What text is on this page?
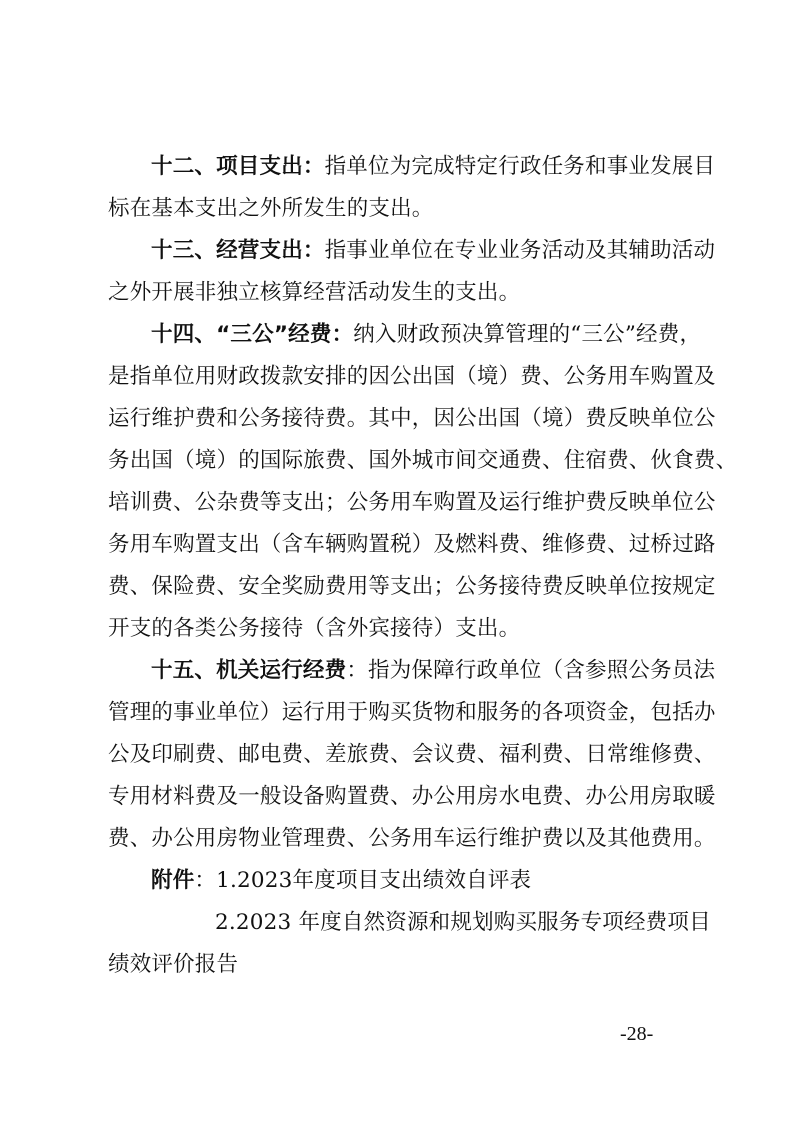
十二、项目支出：指单位为完成特定行政任务和事业发展目
标在基本支出之外所发生的支出。
十三、经营支出：指事业单位在专业业务活动及其辅助活动
之外开展非独立核算经营活动发生的支出。
十四、“三公”经费：纳入财政预决算管理的“三公”经费，
是指单位用财政拨款安排的因公出国（境）费、公务用车购置及
运行维护费和公务接待费。其中，因公出国（境）费反映单位公
务出国（境）的国际旅费、国外城市间交通费、住宿费、伙食费、
培训费、公杂费等支出；公务用车购置及运行维护费反映单位公
务用车购置支出（含车辆购置税）及燃料费、维修费、过桥过路
费、保险费、安全奖励费用等支出；公务接待费反映单位按规定
开支的各类公务接待（含外宾接待）支出。
十五、机关运行经费：指为保障行政单位（含参照公务员法
管理的事业单位）运行用于购买货物和服务的各项资金，包括办
公及印刷费、邮电费、差旅费、会议费、福利费、日常维修费、
专用材料费及一般设备购置费、办公用房水电费、办公用房取暖
费、办公用房物业管理费、公务用车运行维护费以及其他费用。
附件：1.2023年度项目支出绩效自评表
2.2023 年度自然资源和规划购买服务专项经费项目
绩效评价报告
-28-
